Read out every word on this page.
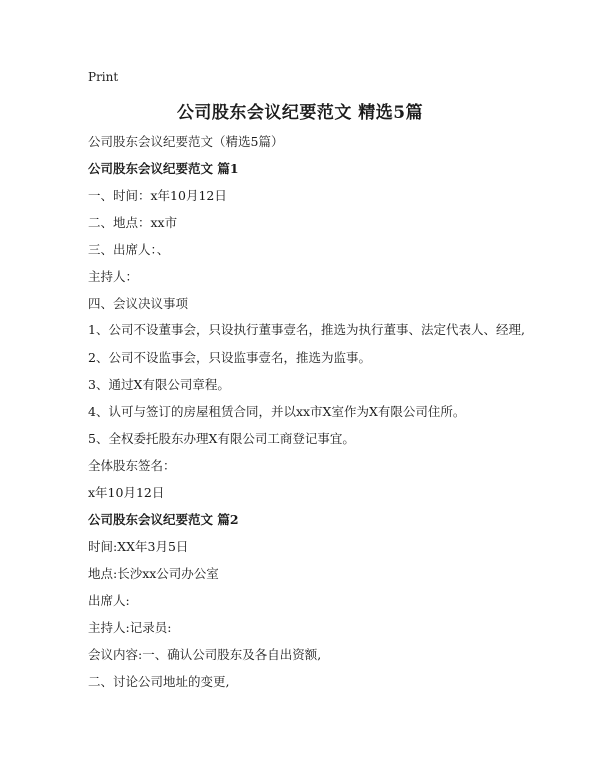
Print
公司股东会议纪要范文 精选5篇
公司股东会议纪要范文（精选5篇）
公司股东会议纪要范文 篇1
一、时间：x年10月12日
二、地点：xx市
三、出席人：、
主持人：
四、会议决议事项
1、公司不设董事会，只设执行董事壹名，推选为执行董事、法定代表人、经理,
2、公司不设监事会，只设监事壹名，推选为监事。
3、通过X有限公司章程。
4、认可与签订的房屋租赁合同，并以xx市X室作为X有限公司住所。
5、全权委托股东办理X有限公司工商登记事宜。
全体股东签名：
x年10月12日
公司股东会议纪要范文 篇2
时间:XX年3月5日
地点:长沙xx公司办公室
出席人:
主持人:记录员:
会议内容:一、确认公司股东及各自出资额,
二、讨论公司地址的变更,
